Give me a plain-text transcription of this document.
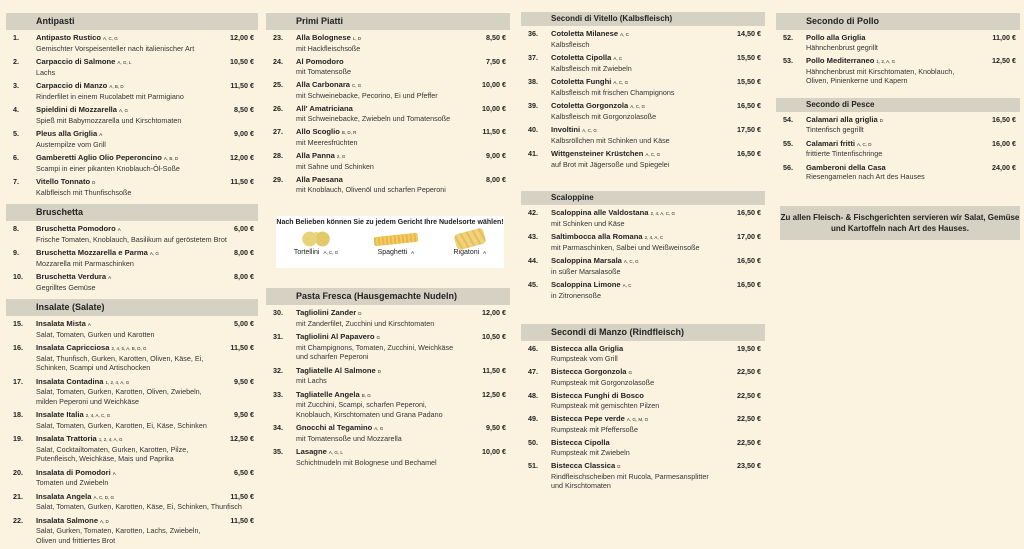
Antipasti
1. Antipasto Rustico A, C, G
Gemischter Vorspeisenteller nach italienischer Art
12,00 €
2. Carpaccio di Salmone A, G, L
Lachs
10,50 €
3. Carpaccio di Manzo A, B, D
Rinderfilet in einem Rucolabett mit Parmigiano
11,50 €
4. Spieldini di Mozzarella A, G
Spieß mit Babymozzarella und Kirschtomaten
8,50 €
5. Pleus alla Griglia A
Austernpilze vom Grill
9,00 €
6. Gamberetti Aglio Olio Peperoncino A, B, D
Scampi in einer pikanten Knoblauch-Öl-Soße
12,00 €
7. Vitello Tonnato D
Kalbfleisch mit Thunfischsoße
11,50 €
Bruschetta
8. Bruschetta Pomodoro A
Frische Tomaten, Knoblauch, Basilikum auf geröstetem Brot
6,00 €
9. Bruschetta Mozzarella e Parma A, G
Mozzarella mit Parmaschinken
8,00 €
10. Bruschetta Verdura A
Gegrilltes Gemüse
8,00 €
Insalate (Salate)
15. Insalata Mista A
Salat, Tomaten, Gurken und Karotten
5,00 €
16. Insalata Capricciosa 2, 4, 5, A, B, D, G
Salat, Thunfisch, Gurken, Karotten, Oliven, Käse, Ei,
Schinken, Scampi und Artischocken
11,50 €
17. Insalata Contadina 1, 2, 4, A, G
Salat, Tomaten, Gurken, Karotten, Oliven, Zwiebeln,
milden Peperoni und Weichkäse
9,50 €
18. Insalate Italia 2, 4, A, C, G
Salat, Tomaten, Gurken, Karotten, Ei, Käse, Schinken
9,50 €
19. Insalata Trattoria 1, 2, 4, A, G
Salat, Cocktailtomaten, Gurken, Karotten, Pilze,
Putenfleisch, Weichkäse, Mais und Paprika
12,50 €
20. Insalata di Pomodori A
Tomaten und Zwiebeln
6,50 €
21. Insalata Angela A, C, D, G
Salat, Tomaten, Gurken, Karotten, Käse, Ei, Schinken, Thunfisch
11,50 €
22. Insalata Salmone A, D
Salat, Gurken, Tomaten, Karotten, Lachs, Zwiebeln,
Oliven und frittiertes Brot
11,50 €
Primi Piatti
23. Alla Bolognese L, D
mit Hackfleischsoße
8,50 €
24. Al Pomodoro
mit Tomatensoße
7,50 €
25. Alla Carbonara C, G
mit Schweinebacke, Pecorino, Ei und Pfeffer
10,00 €
26. All' Amatriciana
mit Schweinebacke, Zwiebeln und Tomatensoße
10,00 €
27. Allo Scoglio B, D, R
mit Meeresfrüchten
11,50 €
28. Alla Panna 2, G
mit Sahne und Schinken
9,00 €
29. Alla Paesana
mit Knoblauch, Olivenöl und scharfen Peperoni
8,00 €
Nach Belieben können Sie zu jedem Gericht Ihre Nudelsorte wählen!
Tortellini A, C, G	Spaghetti A	Rigatoni A
Pasta Fresca (Hausgemachte Nudeln)
30. Tagliolini Zander D
mit Zanderfilet, Zucchini und Kirschtomaten
12,00 €
31. Tagliolini Al Papavero G
mit Champignons, Tomaten, Zucchini, Weichkäse
und scharfen Peperoni
10,50 €
32. Tagliatelle Al Salmone D
mit Lachs
11,50 €
33. Tagliatelle Angela B, G
mit Zucchini, Scampi, scharfen Peperoni,
Knoblauch, Kirschtomaten und Grana Padano
12,50 €
34. Gnocchi al Tegamino A, G
mit Tomatensoße und Mozzarella
9,50 €
35. Lasagne A, G, L
Schichtnudeln mit Bolognese und Bechamel
10,00 €
Secondi di Vitello (Kalbsfleisch)
36. Cotoletta Milanese A, C
Kalbsfleisch
14,50 €
37. Cotoletta Cipolla A, C
Kalbsfleisch mit Zwiebeln
15,50 €
38. Cotoletta Funghi A, C, G
Kalbsfleisch mit frischen Champignons
15,50 €
39. Cotoletta Gorgonzola A, C, G
Kalbsfleisch mit Gorgonzolasoße
16,50 €
40. Involtini A, C, G
Kalbsröllchen mit Schinken und Käse
17,50 €
41. Wittgensteiner Krüstchen A, C, G
auf Brot mit Jägersoße und Spiegelei
16,50 €
Scaloppine
42. Scaloppina alle Valdostana 2, 4, A, C, G
mit Schinken und Käse
16,50 €
43. Saltimbocca alla Romana 2, 4, A, C
mit Parmaschinken, Salbei und Weißweinsoße
17,00 €
44. Scaloppina Marsala A, C, G
in süßer Marsalasoße
16,50 €
45. Scaloppina Limone A, C
in Zitronensoße
16,50 €
Secondi di Manzo (Rindfleisch)
46. Bistecca alla Griglia
Rumpsteak vom Grill
19,50 €
47. Bistecca Gorgonzola G
Rumpsteak mit Gorgonzolasoße
22,50 €
48. Bistecca Funghi di Bosco
Rumpsteak mit gemischten Pilzen
22,50 €
49. Bistecca Pepe verde A, G, M, O
Rumpsteak mit Pfeffersoße
22,50 €
50. Bistecca Cipolla
Rumpsteak mit Zwiebeln
22,50 €
51. Bistecca Classica G
Rindfleischscheiben mit Rucola, Parmesansplitter
und Kirschtomaten
23,50 €
Secondo di Pollo
52. Pollo alla Griglia
Hähnchenbrust gegrillt
11,00 €
53. Pollo Mediterraneo 1, 2, A, G
Hähnchenbrust mit Kirschtomaten, Knoblauch,
Oliven, Pinienkerne und Kapern
12,50 €
Secondo di Pesce
54. Calamari alla griglia D
Tintenfisch gegrillt
16,50 €
55. Calamari fritti A, C, D
frittierte Tintenfischringe
16,00 €
56. Gamberoni della Casa
Riesengarnelen nach Art des Hauses
24,00 €
Zu allen Fleisch- & Fischgerichten servieren wir Salat, Gemüse und Kartoffeln nach Art des Hauses.
